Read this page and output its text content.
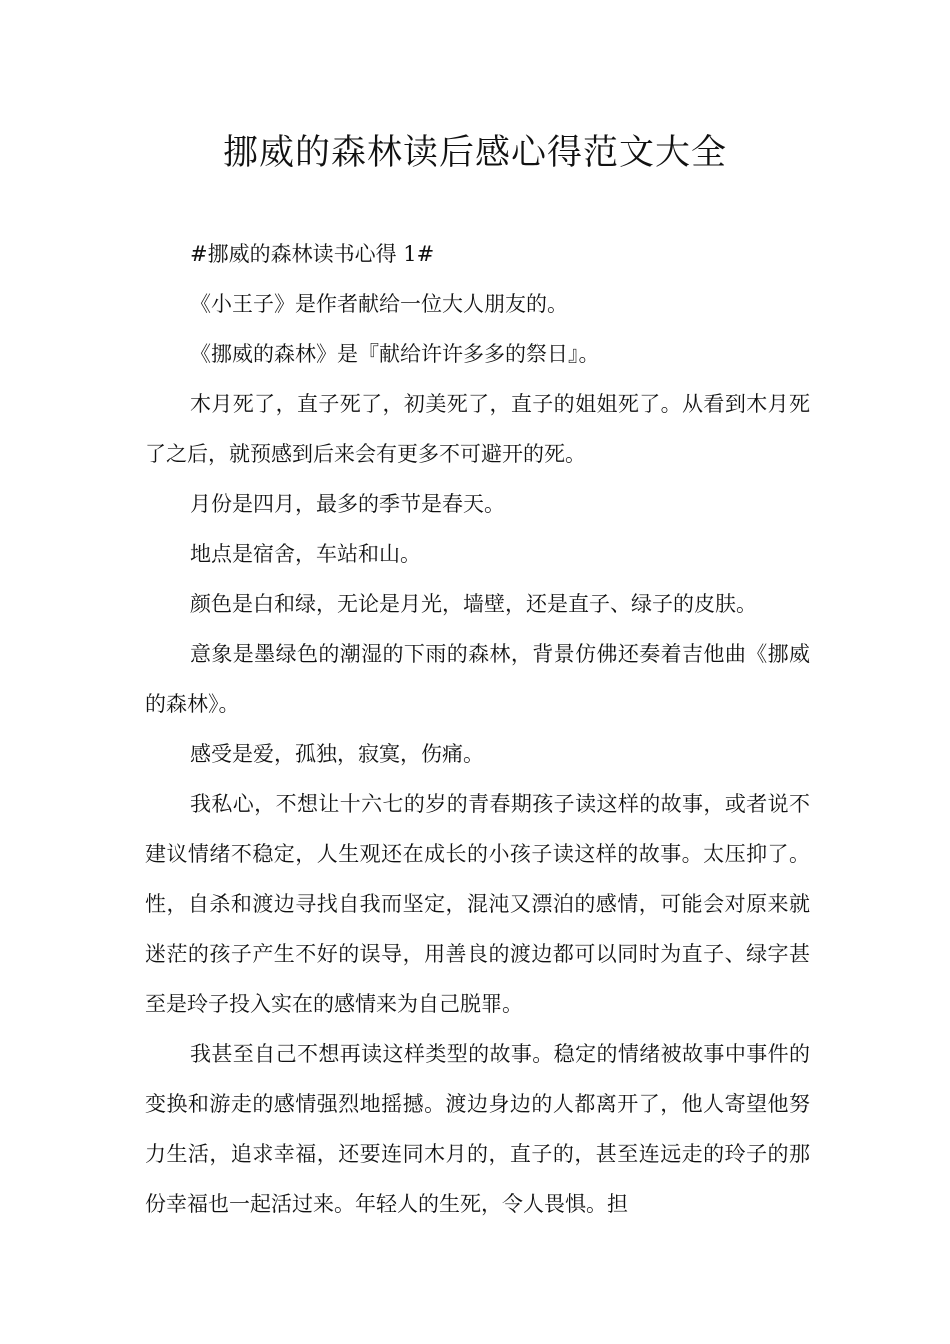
挪威的森林读后感心得范文大全

#挪威的森林读书心得 1#

《小王子》是作者献给一位大人朋友的。

《挪威的森林》是『献给许许多多的祭日』。

木月死了，直子死了，初美死了，直子的姐姐死了。从看到木月死了之后，就预感到后来会有更多不可避开的死。

月份是四月，最多的季节是春天。

地点是宿舍，车站和山。

颜色是白和绿，无论是月光，墙壁，还是直子、绿子的皮肤。

意象是墨绿色的潮湿的下雨的森林，背景仿佛还奏着吉他曲《挪威的森林》。

感受是爱，孤独，寂寞，伤痛。

我私心，不想让十六七的岁的青春期孩子读这样的故事，或者说不建议情绪不稳定，人生观还在成长的小孩子读这样的故事。太压抑了。性，自杀和渡边寻找自我而坚定，混沌又漂泊的感情，可能会对原来就迷茫的孩子产生不好的误导，用善良的渡边都可以同时为直子、绿字甚至是玲子投入实在的感情来为自己脱罪。

我甚至自己不想再读这样类型的故事。稳定的情绪被故事中事件的变换和游走的感情强烈地摇撼。渡边身边的人都离开了，他人寄望他努力生活，追求幸福，还要连同木月的，直子的，甚至连远走的玲子的那份幸福也一起活过来。年轻人的生死，令人畏惧。担
